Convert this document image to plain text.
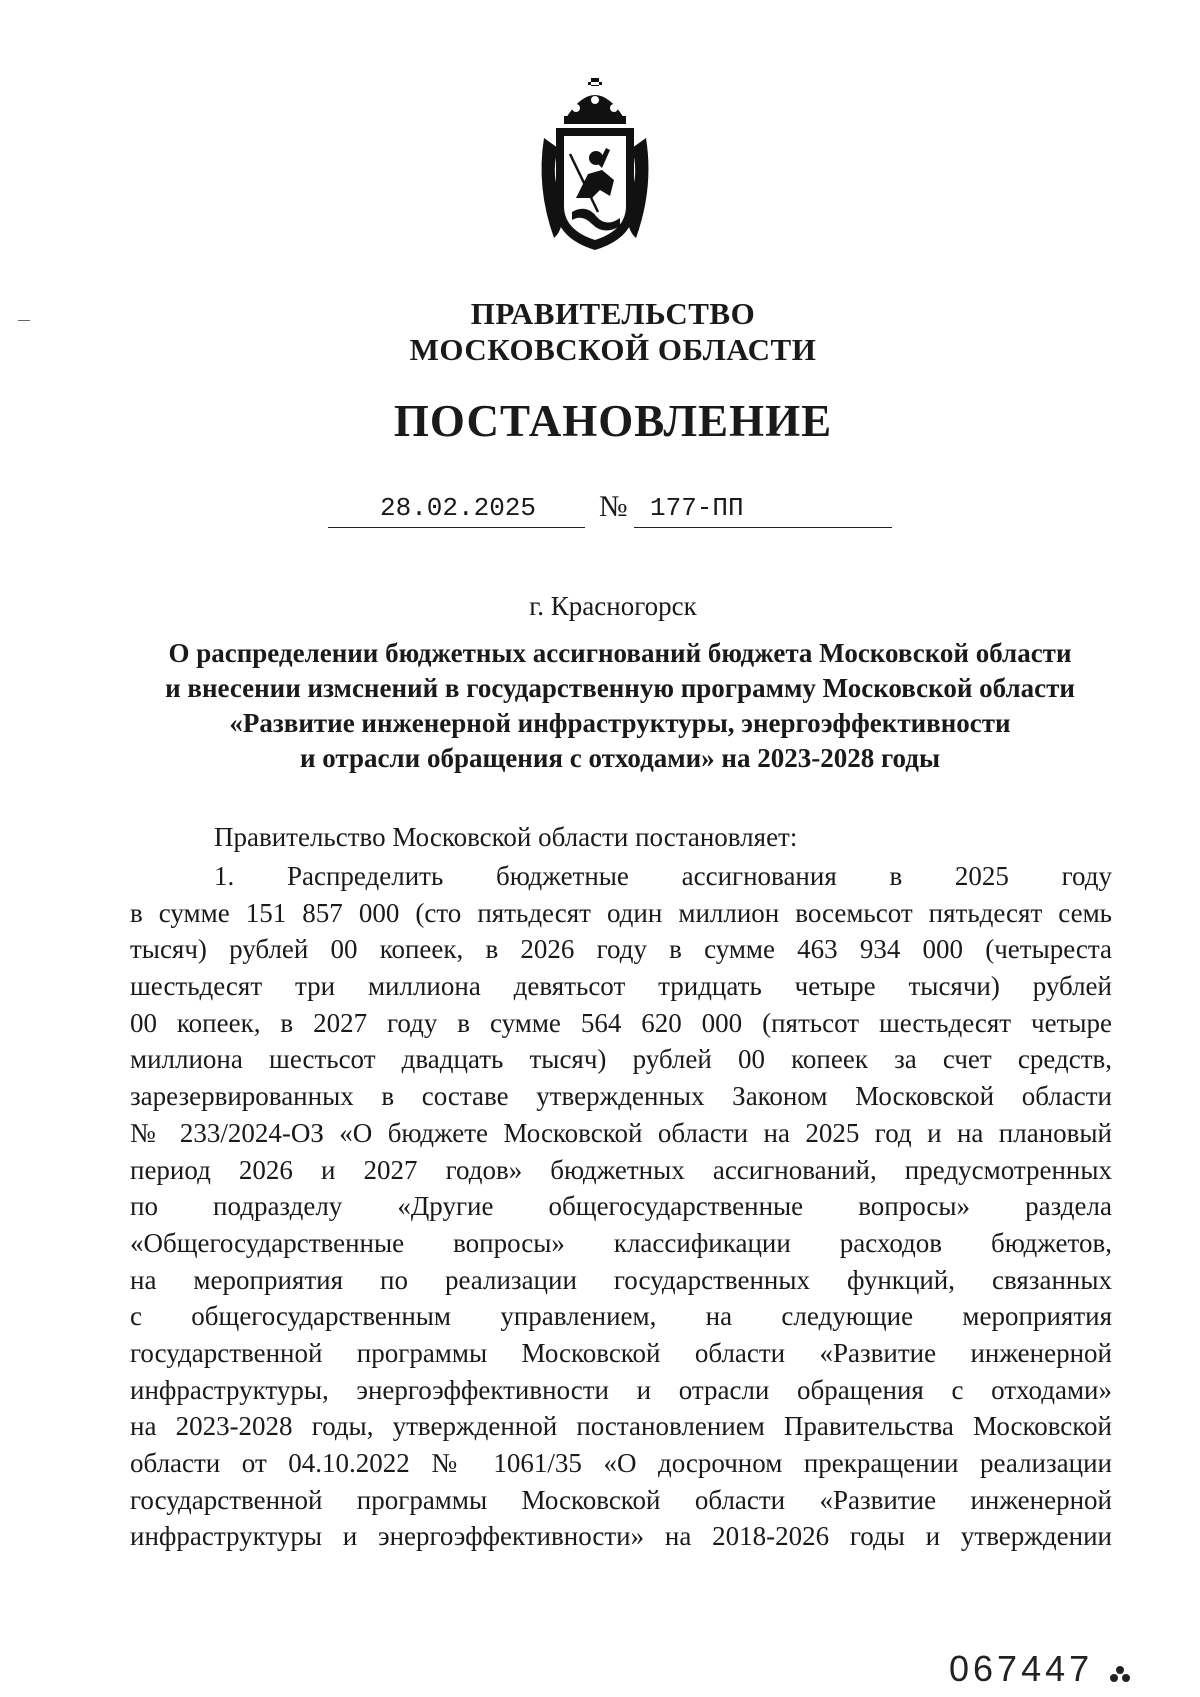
ПРАВИТЕЛЬСТВО
МОСКОВСКОЙ ОБЛАСТИ
ПОСТАНОВЛЕНИЕ
28.02.2025	№ 177-ПП
г. Красногорск
О распределении бюджетных ассигнований бюджета Московской области
и внесении измснений в государственную программу Московской области
«Развитие инженерной инфраструктуры, энергоэффективности
и отрасли обращения с отходами» на 2023-2028 годы
Правительство Московской области постановляет:
1. Распределить бюджетные ассигнования в 2025 году
в сумме 151 857 000 (сто пятьдесят один миллион восемьсот пятьдесят семь
тысяч) рублей 00 копеек, в 2026 году в сумме 463 934 000 (четыреста
шестьдесят три миллиона девятьсот тридцать четыре тысячи) рублей
00 копеек, в 2027 году в сумме 564 620 000 (пятьсот шестьдесят четыре
миллиона шестьсот двадцать тысяч) рублей 00 копеек за счет средств,
зарезервированных в составе утвержденных Законом Московской области
№ 233/2024-ОЗ «О бюджете Московской области на 2025 год и на плановый
период 2026 и 2027 годов» бюджетных ассигнований, предусмотренных
по подразделу «Другие общегосударственные вопросы» раздела
«Общегосударственные вопросы» классификации расходов бюджетов,
на мероприятия по реализации государственных функций, связанных
с общегосударственным управлением, на следующие мероприятия
государственной программы Московской области «Развитие инженерной
инфраструктуры, энергоэффективности и отрасли обращения с отходами»
на 2023-2028 годы, утвержденной постановлением Правительства Московской
области от 04.10.2022 № 1061/35 «О досрочном прекращении реализации
государственной программы Московской области «Развитие инженерной
инфраструктуры и энергоэффективности» на 2018-2026 годы и утверждении
067447
